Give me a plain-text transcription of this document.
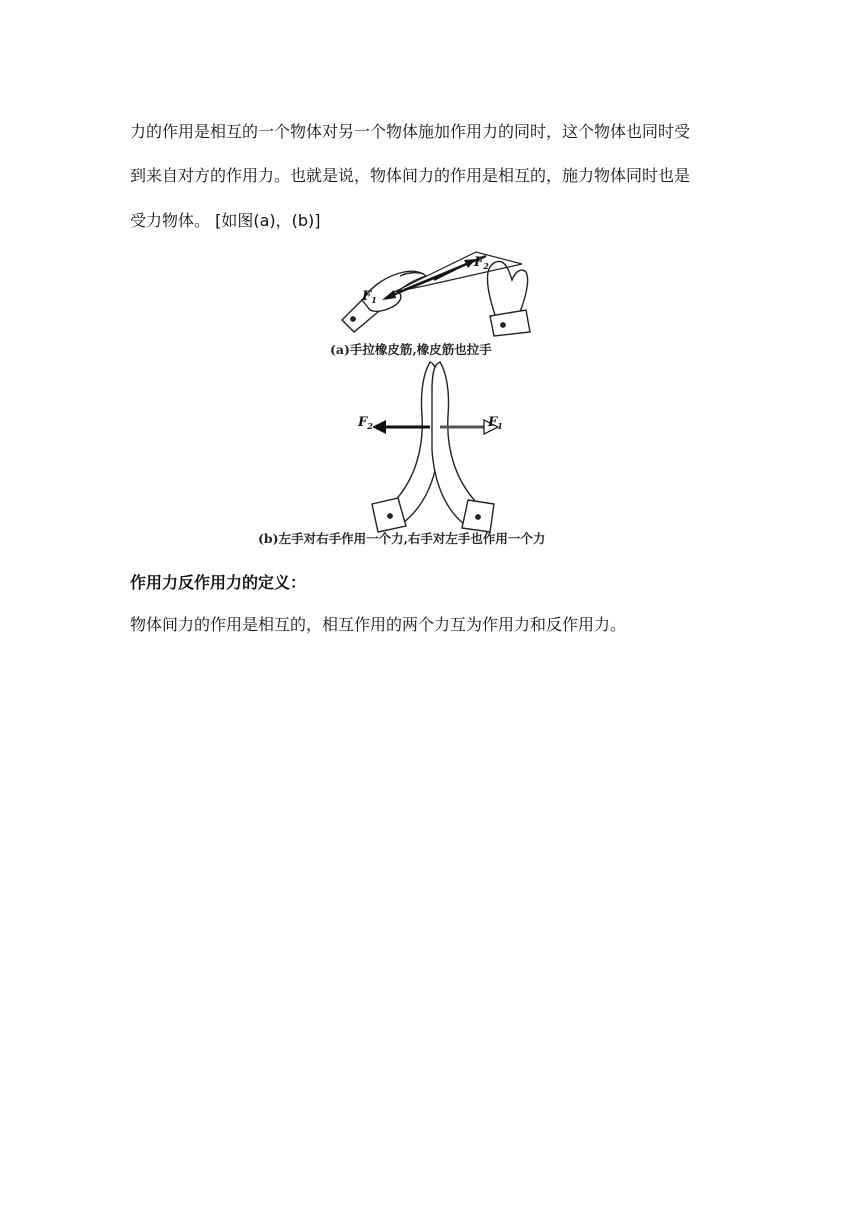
力的作用是相互的一个物体对另一个物体施加作用力的同时，这个物体也同时受
到来自对方的作用力。也就是说，物体间力的作用是相互的，施力物体同时也是
受力物体。 [如图(a)，(b)]
$F_1$
$F_2$
(a)手拉橡皮筋,橡皮筋也拉手
$F_2$	$F_1$
(b)左手对右手作用一个力,右手对左手也作用一个力
作用力反作用力的定义：
物体间力的作用是相互的，相互作用的两个力互为作用力和反作用力。
